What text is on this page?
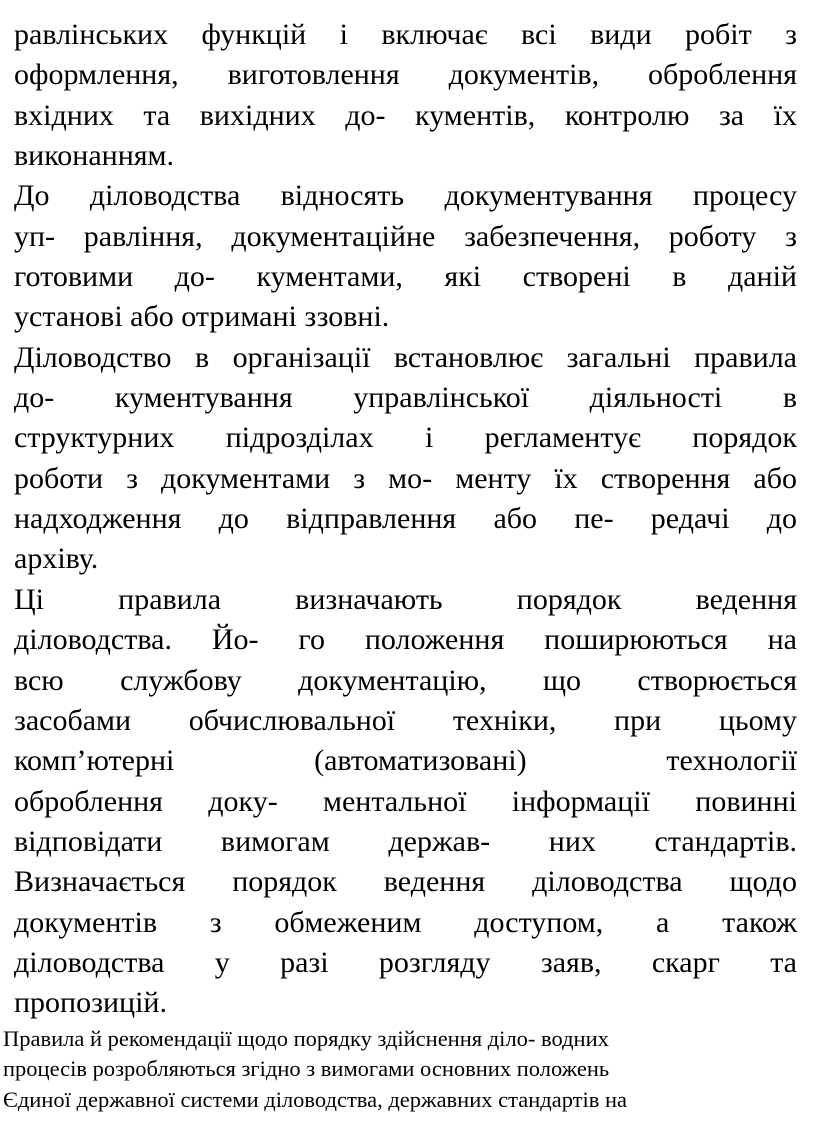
равлінських функцій і включає всі види робіт з
оформлення, виготовлення документів, оброблення
вхідних та вихідних до- кументів, контролю за їх
виконанням.
До діловодства відносять документування процесу
уп- равління, документаційне забезпечення, роботу з
готовими до- кументами, які створені в даній
установі або отримані ззовні.
Діловодство в організації встановлює загальні правила
до- кументування управлінської діяльності в
структурних підрозділах і регламентує порядок
роботи з документами з мо- менту їх створення або
надходження до відправлення або пе- редачі до
архіву.
Ці правила визначають порядок ведення
діловодства. Йо- го положення поширюються на
всю службову документацію, що створюється
засобами обчислювальної техніки, при цьому
комп’ютерні (автоматизовані) технології
оброблення доку- ментальної інформації повинні
відповідати вимогам держав- них стандартів.
Визначається порядок ведення діловодства щодо
документів з обмеженим доступом, а також
діловодства у разі розгляду заяв, скарг та
пропозицій.
Правила й рекомендації щодо порядку здійснення діло- водних
процесів розробляються згідно з вимогами основних положень
Єдиної державної системи діловодства, державних стандартів на
